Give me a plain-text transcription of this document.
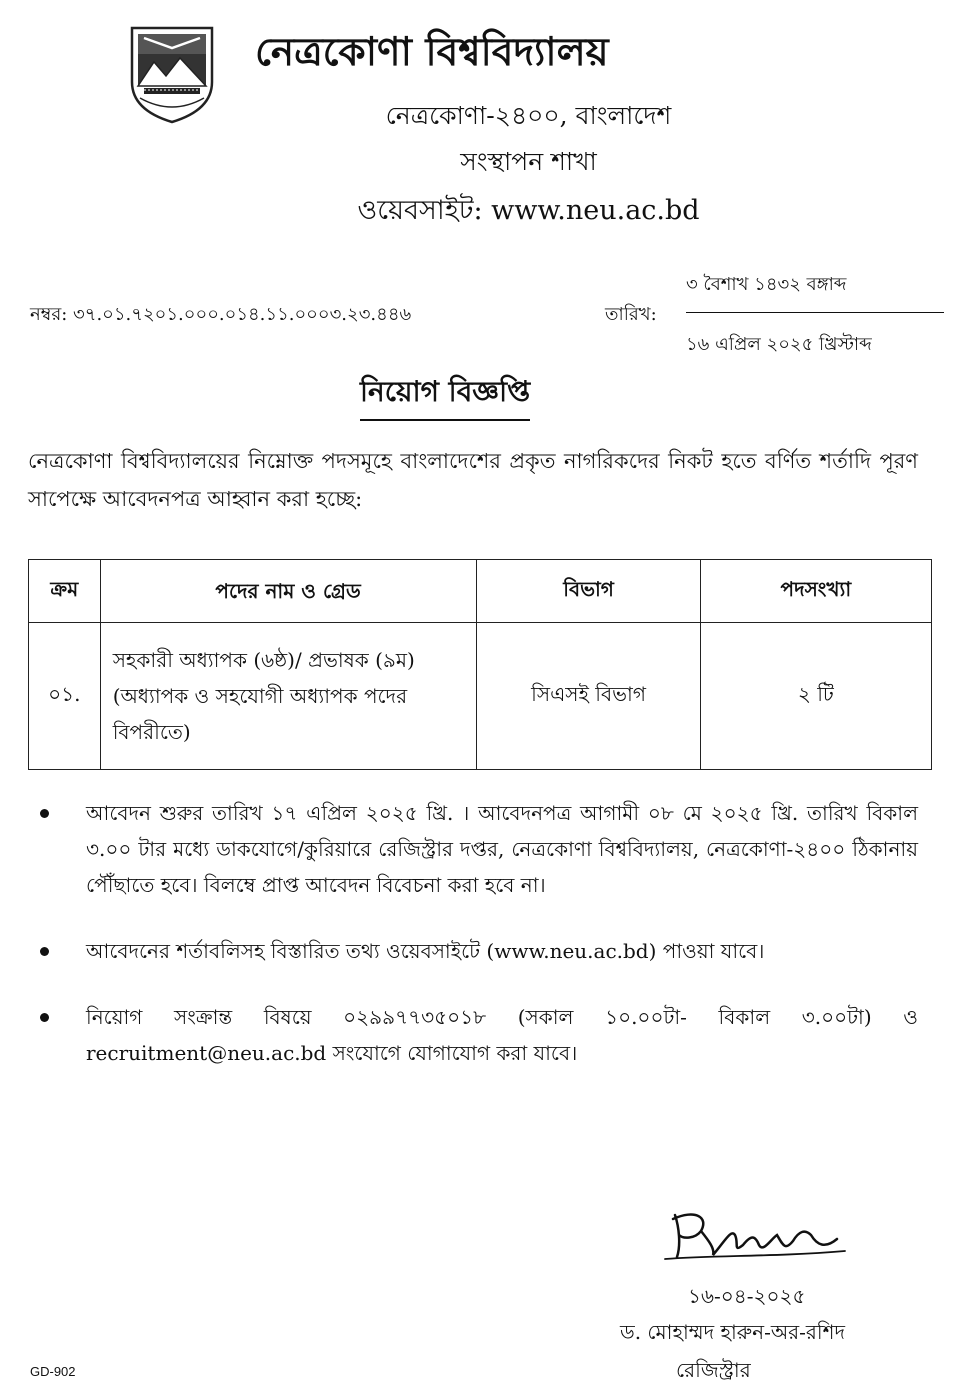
নেত্রকোণা বিশ্ববিদ্যালয়
নেত্রকোণা-২৪০০, বাংলাদেশ
সংস্থাপন শাখা
ওয়েবসাইট: www.neu.ac.bd
নম্বর: ৩৭.০১.৭২০১.০০০.০১৪.১১.০০০৩.২৩.৪৪৬	তারিখ:
৩ বৈশাখ ১৪৩২ বঙ্গাব্দ
১৬ এপ্রিল ২০২৫ খ্রিস্টাব্দ
নিয়োগ বিজ্ঞপ্তি
নেত্রকোণা বিশ্ববিদ্যালয়ের নিম্নোক্ত পদসমূহে বাংলাদেশের প্রকৃত নাগরিকদের নিকট হতে বর্ণিত শর্তাদি পূরণ সাপেক্ষে আবেদনপত্র আহ্বান করা হচ্ছে:
ক্রম	পদের নাম ও গ্রেড	বিভাগ	পদসংখ্যা
০১.	সহকারী অধ্যাপক (৬ষ্ঠ)/ প্রভাষক (৯ম) (অধ্যাপক ও সহযোগী অধ্যাপক পদের বিপরীতে)	সিএসই বিভাগ	২ টি
আবেদন শুরুর তারিখ ১৭ এপ্রিল ২০২৫ খ্রি. । আবেদনপত্র আগামী ০৮ মে ২০২৫ খ্রি. তারিখ বিকাল ৩.০০ টার মধ্যে ডাকযোগে/কুরিয়ারে রেজিস্ট্রার দপ্তর, নেত্রকোণা বিশ্ববিদ্যালয়, নেত্রকোণা-২৪০০ ঠিকানায় পৌঁছাতে হবে। বিলম্বে প্রাপ্ত আবেদন বিবেচনা করা হবে না।
আবেদনের শর্তাবলিসহ বিস্তারিত তথ্য ওয়েবসাইটে (www.neu.ac.bd) পাওয়া যাবে।
নিয়োগ সংক্রান্ত বিষয়ে ০২৯৯৭৭৩৫০১৮ (সকাল ১০.০০টা- বিকাল ৩.০০টা) ও recruitment@neu.ac.bd সংযোগে যোগাযোগ করা যাবে।
১৬-০৪-২০২৫
ড. মোহাম্মদ হারুন-অর-রশিদ
রেজিস্ট্রার
GD-902
